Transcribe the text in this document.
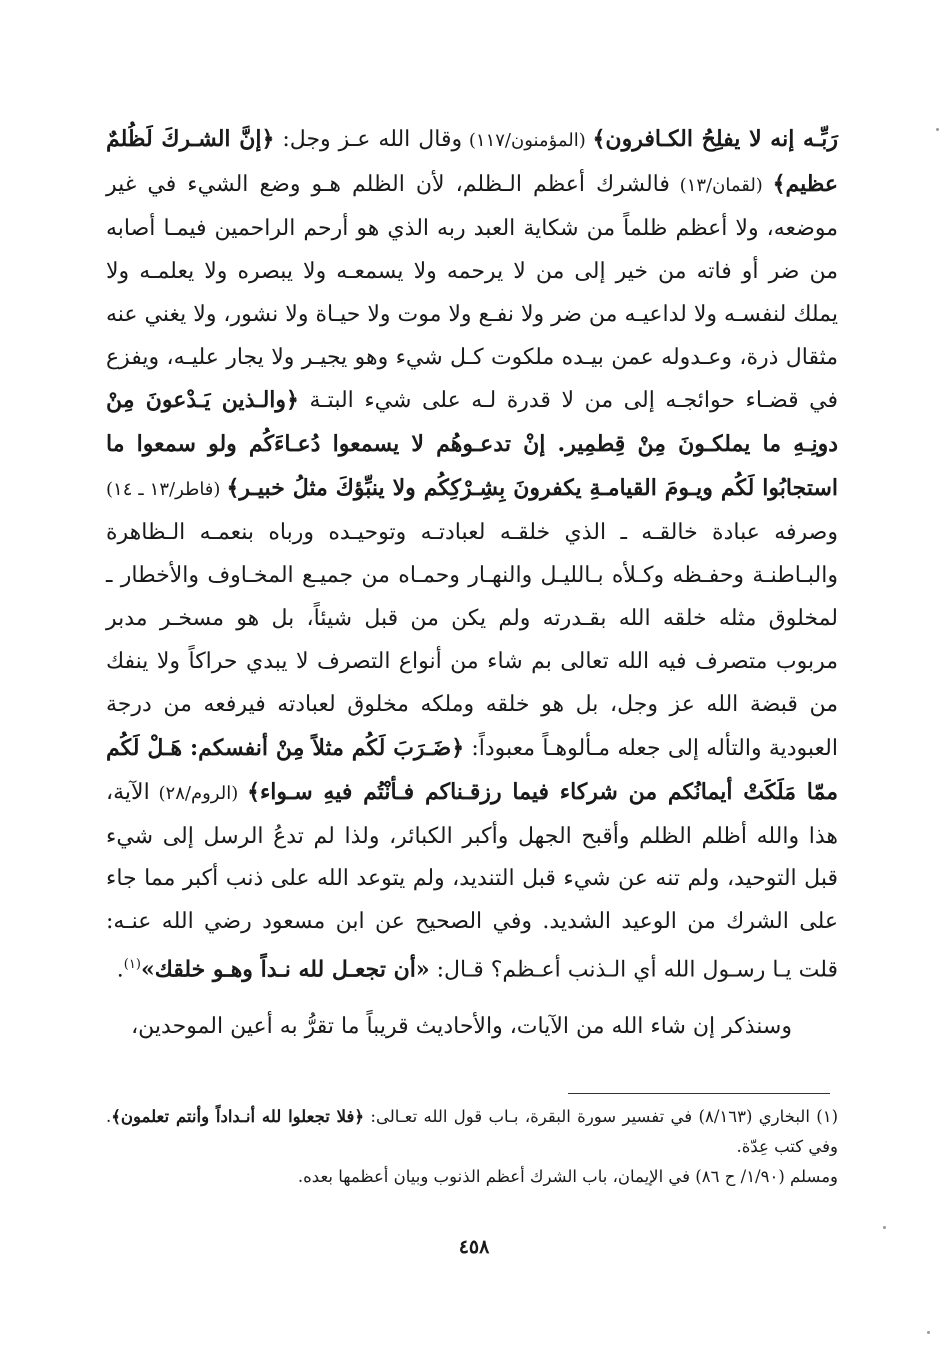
رَبِّـه إنه لا يفلِحُ الكـافرون﴾ (المؤمنون/١١٧) وقال الله عـز وجل: ﴿إنَّ الشـركَ لَظُلمٌ عظيم﴾ (لقمان/١٣) فالشرك أعظم الـظلم، لأن الظلم هـو وضع الشيء في غير موضعه، ولا أعظم ظلماً من شكاية العبد ربه الذي هو أرحم الراحمين فيمـا أصابه من ضر أو فاته من خير إلى من لا يرحمه ولا يسمعـه ولا يبصره ولا يعلمـه ولا يملك لنفسـه ولا لداعيـه من ضر ولا نفـع ولا موت ولا حيـاة ولا نشور، ولا يغني عنه مثقال ذرة، وعـدوله عمن بيـده ملكوت كـل شيء وهو يجيـر ولا يجار عليـه، ويفزع في قضـاء حوائجـه إلى من لا قدرة لـه على شيء البتـة ﴿والـذين يَـدْعونَ مِنْ دونِـهِ ما يملكـونَ مِنْ قِطمِير. إنْ تدعـوهُم لا يسمعوا دُعـاءَكُم ولو سمعوا ما استجابُوا لَكُم ويـومَ القيامـةِ يكفرونَ بِشِـرْكِكُم ولا ينبِّؤكَ مثلُ خبيـر﴾ (فاطر/١٣ ـ ١٤) وصرفه عبادة خالقـه ـ الذي خلقـه لعبادتـه وتوحيـده ورباه بنعمـه الـظاهرة والبـاطنـة وحفـظه وكـلأه بـالليـل والنهـار وحمـاه من جميـع المخـاوف والأخطار ـ لمخلوق مثله خلقه الله بقـدرته ولم يكن من قبل شيئاً، بل هو مسخـر مدبر مربوب متصرف فيه الله تعالى بم شاء من أنواع التصرف لا يبدي حراكاً ولا ينفك من قبضة الله عز وجل، بل هو خلقه وملكه مخلوق لعبادته فيرفعه من درجة العبودية والتأله إلى جعله مـألوهـاً معبوداً: ﴿ضَـرَبَ لَكُم مثلاً مِنْ أنفسكم: هَـلْ لَكُم ممّا مَلَكَتْ أيمانُكم من شركاء فيما رزقـناكم فـأنْتُم فيهِ سـواء﴾ (الروم/٢٨) الآية، هذا والله أظلم الظلم وأقبح الجهل وأكبر الكبائر، ولذا لم تدعُ الرسل إلى شيء قبل التوحيد، ولم تنه عن شيء قبل التنديد، ولم يتوعد الله على ذنب أكبر مما جاء على الشرك من الوعيد الشديد. وفي الصحيح عن ابن مسعود رضي الله عنـه: قلت يـا رسـول الله أي الـذنب أعـظم؟ قـال: «أن تجعـل لله نـداً وهـو خلقك»$^{(١)}$.

وسنذكر إن شاء الله من الآيات، والأحاديث قريباً ما تقرُّ به أعين الموحدين،

(١) البخاري (٨/١٦٣) في تفسير سورة البقرة، بـاب قول الله تعـالى: ﴿فلا تجعلوا لله أنـداداً وأنتم تعلمون﴾. وفي كتب عِدّة.

ومسلم (١/٩٠/ ح ٨٦) في الإيمان، باب الشرك أعظم الذنوب وبيان أعظمها بعده.

٤٥٨
